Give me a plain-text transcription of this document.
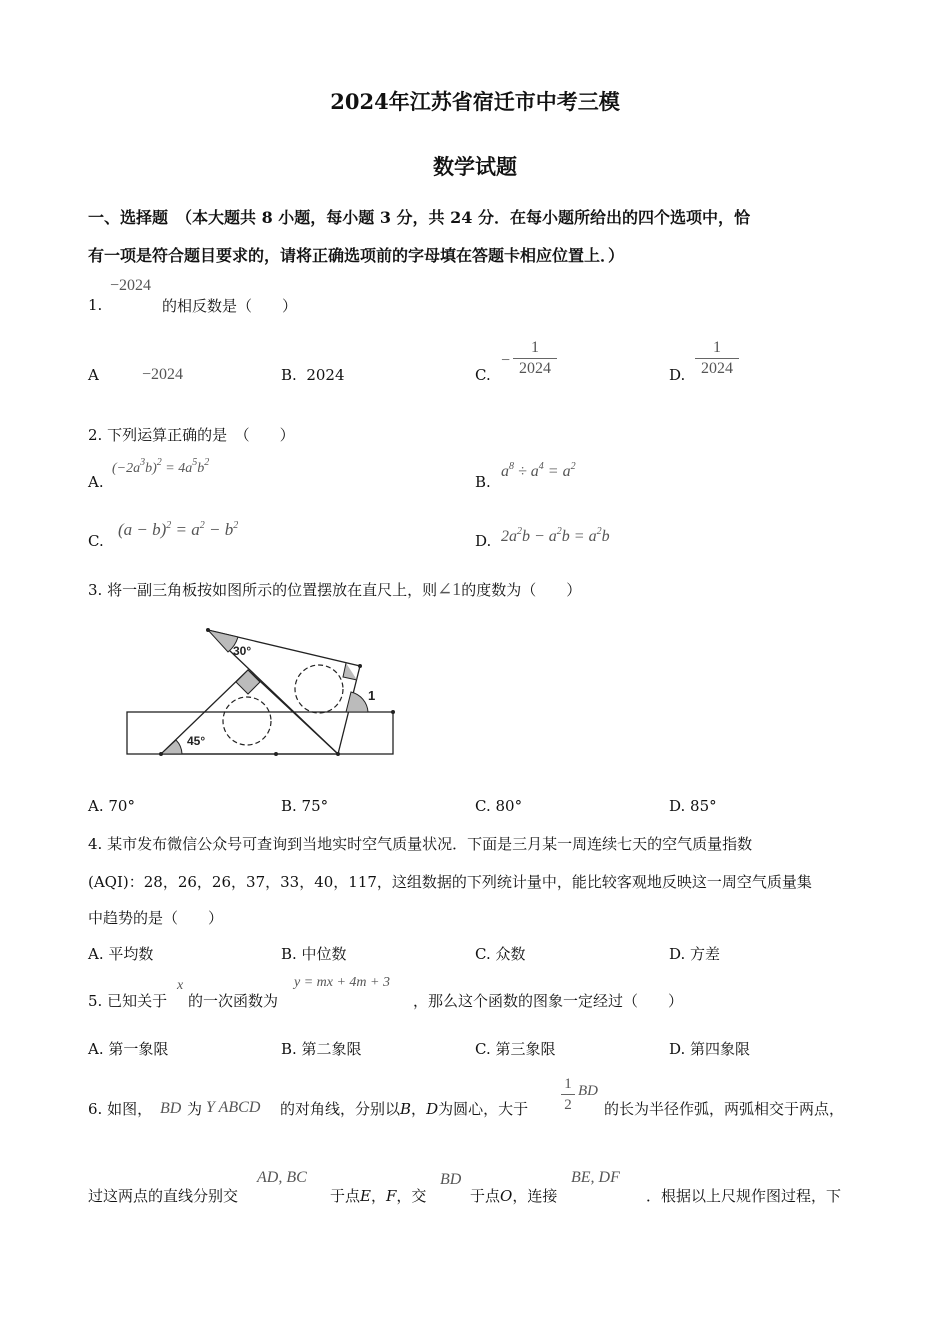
2024年江苏省宿迁市中考三模
数学试题
一、选择题　（本大题共 8 小题，每小题 3 分，共 24 分．在每小题所给出的四个选项中，恰
有一项是符合题目要求的，请将正确选项前的字母填在答题卡相应位置上．）
1.
−2024
的相反数是（　　）
A	−2024	B. 2024	C.
−
1
2024	D.
1
2024
2. 下列运算正确的是　（　　）
A.
$(-2a^3b)^2 = 4a^5b^2$
B.
$a^8 \div a^4 = a^2$
C.
$(a - b)^2 = a^2 - b^2$
D. $2a^2b - a^2b = a^2b$
3. 将一副三角板按如图所示的位置摆放在直尺上，则∠1的度数为（　　）
30°
45°
1
A. 70°	B. 75°	C. 80°	D. 85°
4. 某市发布微信公众号可查询到当地实时空气质量状况．下面是三月某一周连续七天的空气质量指数
(AQI)：28，26，26，37，33，40，117，这组数据的下列统计量中，能比较客观地反映这一周空气质量集
中趋势的是（　　）
A. 平均数	B. 中位数	C. 众数	D. 方差
5. 已知关于
x
的一次函数为
y = mx + 4m + 3
，那么这个函数的图象一定经过（　　）
A. 第一象限	B. 第二象限	C. 第三象限	D. 第四象限
6. 如图， BD 为 Y ABCD 的对角线，分别以B，D为圆心，大于
1
2
BD
的长为半径作弧，两弧相交于两点，
过这两点的直线分别交
AD, BC
于点E，F，交
BD
于点O，连接
BE, DF
．根据以上尺规作图过程，下
